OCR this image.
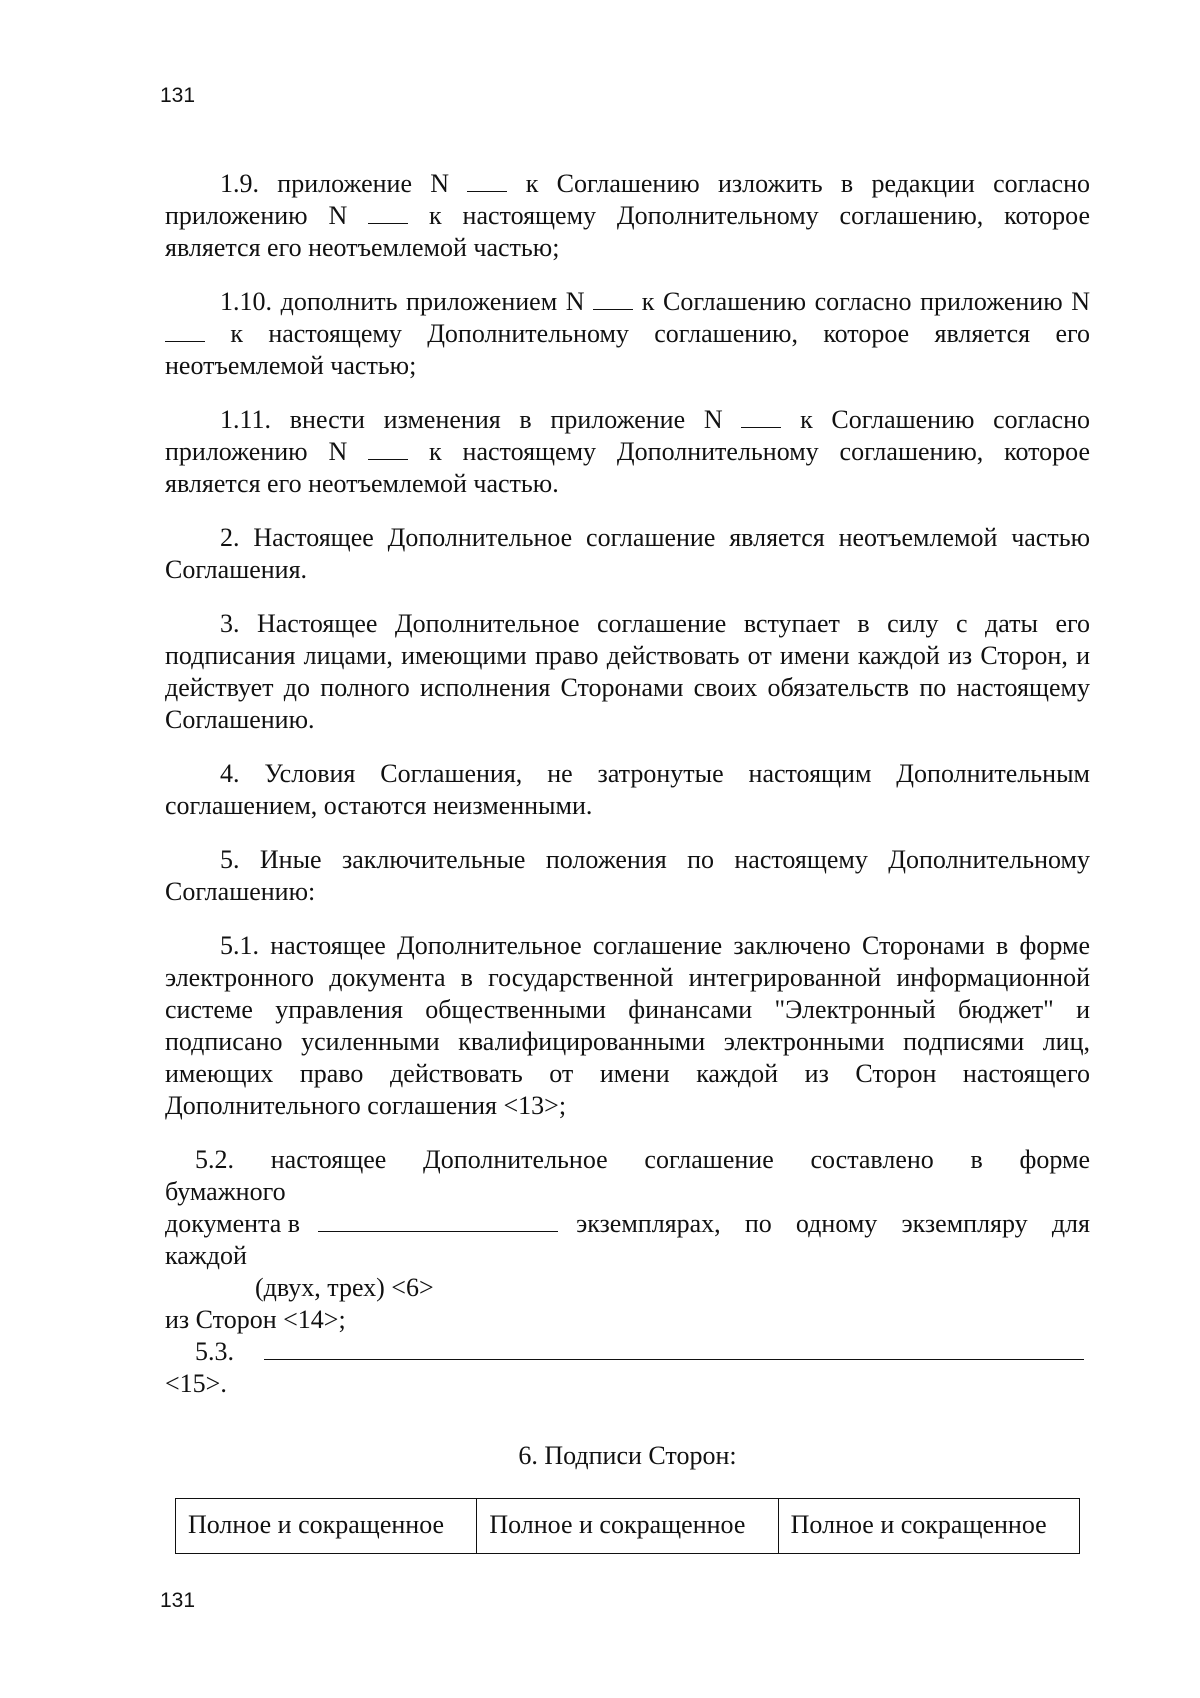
131

1.9. приложение N	к Соглашению изложить в редакции согласно приложению N	к настоящему Дополнительному соглашению, которое является его неотъемлемой частью;

1.10. дополнить приложением N к Соглашению согласно приложению N  к настоящему Дополнительному соглашению, которое является его неотъемлемой частью;

1.11. внести изменения в приложение N	к Соглашению согласно приложению N	к настоящему Дополнительному соглашению, которое является его неотъемлемой частью.

2. Настоящее Дополнительное соглашение является неотъемлемой частью Соглашения.

3. Настоящее Дополнительное соглашение вступает в силу с даты его подписания лицами, имеющими право действовать от имени каждой из Сторон, и действует до полного исполнения Сторонами своих обязательств по настоящему Соглашению.

4. Условия Соглашения, не затронутые настоящим Дополнительным соглашением, остаются неизменными.

5. Иные заключительные положения по настоящему Дополнительному Соглашению:

5.1. настоящее Дополнительное соглашение заключено Сторонами в форме электронного документа в государственной интегрированной информационной системе управления общественными финансами "Электронный бюджет" и подписано усиленными квалифицированными электронными подписями лиц, имеющих право действовать от имени каждой из Сторон настоящего Дополнительного соглашения <13>;

5.2. настоящее Дополнительное соглашение составлено в форме

бумажного

документа в	экземплярах, по одному экземпляру для

каждой

(двух, трех) <6>

из Сторон <14>;

5.3.

<15>.

6. Подписи Сторон:

Полное и сокращенное	Полное и сокращенное	Полное и сокращенное
131
